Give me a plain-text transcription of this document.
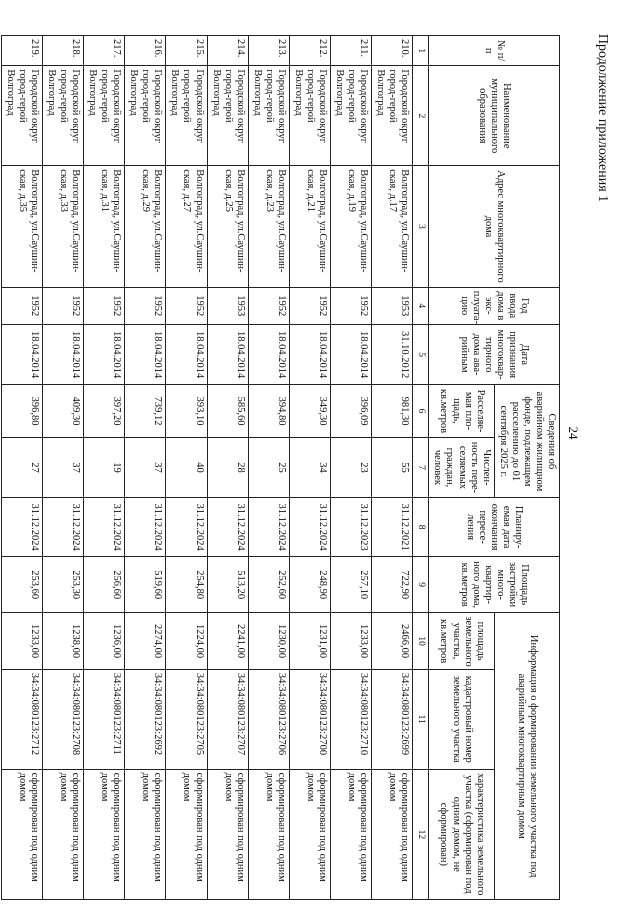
24
Продолжение приложения 1
№ п/п	Наименование муниципального образования	Адрес многоквартирного дома	Год ввода дома в экс-плуата-цию	Дата признания многоквар-тирного дома ава-рийным	Сведения об аварийном жилищном фонде, подлежащем расселению до 01 сентября 2025 г.		Планиру-емая дата окончания пересе-ления	Площадь застройки много-квартир-ного дома, кв.метров	Информация о формировании земельного участка под аварийным многоквартирным домом		
					Расселяе-мая пло-щадь, кв.метров	Числен-ность пере-селяемых граждан, человек			площадь земельного участка, кв.метров	кадастровый номер земельного участка	характеристика земельного участка (сформирован под одним домом, не сформирован)
1	2	3	4	5	6	7	8	9	10	11	12
210.	Городской округ город-герой Волгоград	Волгоград, ул.Саушин-ская, д.17	1953	31.10.2012	981,30	55	31.12.2021	722,90	2466,00	34:34:080123:2699	сформирован под одним домом
211.	Городской округ город-герой Волгоград	Волгоград, ул.Саушин-ская, д.19	1952	18.04.2014	396,09	23	31.12.2023	257,10	1233,00	34:34:080123:2710	сформирован под одним домом
212.	Городской округ город-герой Волгоград	Волгоград, ул.Саушин-ская, д.21	1952	18.04.2014	349,30	34	31.12.2024	248,90	1231,00	34:34:080123:2700	сформирован под одним домом
213.	Городской округ город-герой Волгоград	Волгоград, ул.Саушин-ская, д.23	1952	18.04.2014	394,80	25	31.12.2024	252,60	1230,00	34:34:080123:2706	сформирован под одним домом
214.	Городской округ город-герой Волгоград	Волгоград, ул.Саушин-ская, д.25	1953	18.04.2014	585,60	28	31.12.2024	513,20	2241,00	34:34:080123:2707	сформирован под одним домом
215.	Городской округ город-герой Волгоград	Волгоград, ул.Саушин-ская, д.27	1952	18.04.2014	393,10	40	31.12.2024	254,80	1224,00	34:34:080123:2705	сформирован под одним домом
216.	Городской округ город-герой Волгоград	Волгоград, ул.Саушин-ская, д.29	1952	18.04.2014	739,12	37	31.12.2024	519,60	2274,00	34:34:080123:2692	сформирован под одним домом
217.	Городской округ город-герой Волгоград	Волгоград, ул.Саушин-ская, д.31	1952	18.04.2014	397,20	19	31.12.2024	256,60	1236,00	34:34:080123:2711	сформирован под одним домом
218.	Городской округ город-герой Волгоград	Волгоград, ул.Саушин-ская, д.33	1952	18.04.2014	409,30	37	31.12.2024	253,30	1238,00	34:34:080123:2708	сформирован под одним домом
219.	Городской округ город-герой Волгоград	Волгоград, ул.Саушин-ская, д.35	1952	18.04.2014	396,80	27	31.12.2024	253,60	1233,00	34:34:080123:2712	сформирован под одним домом
